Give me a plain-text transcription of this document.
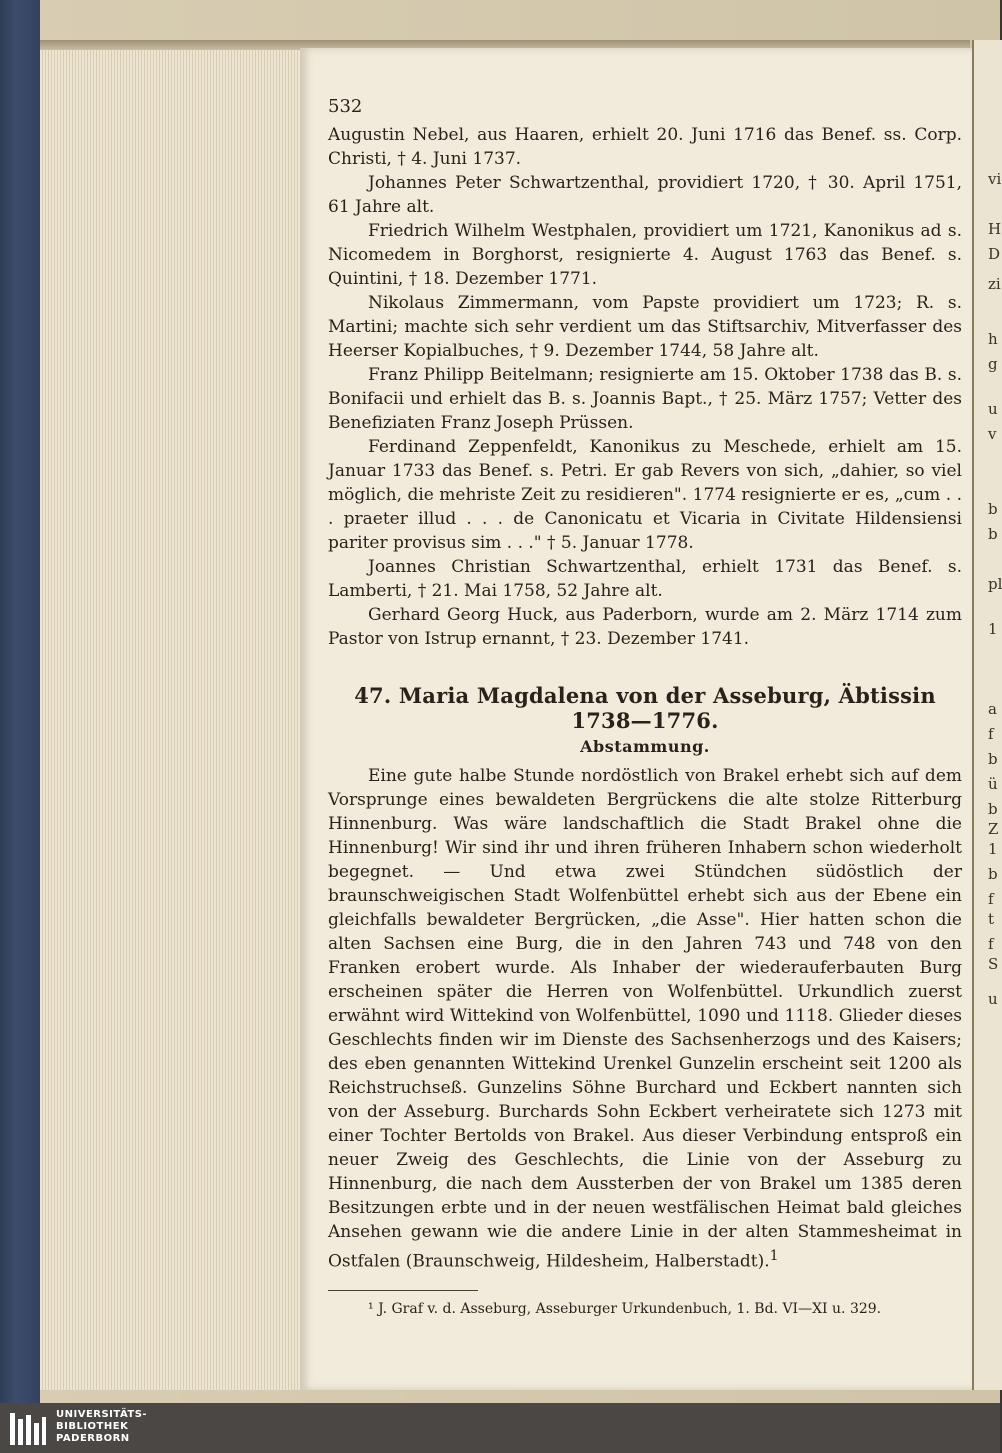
vi
H
D
zi
h
g
u
v
b
b
pl
1
a
f
b
ü
b
Z
1
b
f
t
f
S
u
532

Augustin Nebel, aus Haaren, erhielt 20. Juni 1716 das Benef. ss. Corp. Christi, † 4. Juni 1737.

Johannes Peter Schwartzenthal, providiert 1720, † 30. April 1751, 61 Jahre alt.

Friedrich Wilhelm Westphalen, providiert um 1721, Kanonikus ad s. Nicomedem in Borghorst, resignierte 4. August 1763 das Benef. s. Quintini, † 18. Dezember 1771.

Nikolaus Zimmermann, vom Papste providiert um 1723; R. s. Martini; machte sich sehr verdient um das Stiftsarchiv, Mitverfasser des Heerser Kopialbuches, † 9. Dezember 1744, 58 Jahre alt.

Franz Philipp Beitelmann; resignierte am 15. Oktober 1738 das B. s. Bonifacii und erhielt das B. s. Joannis Bapt., † 25. März 1757; Vetter des Benefiziaten Franz Joseph Prüssen.

Ferdinand Zeppenfeldt, Kanonikus zu Meschede, erhielt am 15. Januar 1733 das Benef. s. Petri. Er gab Revers von sich, „dahier, so viel möglich, die mehriste Zeit zu residieren". 1774 resignierte er es, „cum . . . praeter illud . . . de Canonicatu et Vicaria in Civitate Hildensiensi pariter provisus sim . . ." † 5. Januar 1778.

Joannes Christian Schwartzenthal, erhielt 1731 das Benef. s. Lamberti, † 21. Mai 1758, 52 Jahre alt.

Gerhard Georg Huck, aus Paderborn, wurde am 2. März 1714 zum Pastor von Istrup ernannt, † 23. Dezember 1741.

47. Maria Magdalena von der Asseburg, Äbtissin 1738—1776.
Abstammung.

Eine gute halbe Stunde nordöstlich von Brakel erhebt sich auf dem Vorsprunge eines bewaldeten Bergrückens die alte stolze Ritterburg Hinnenburg. Was wäre landschaftlich die Stadt Brakel ohne die Hinnenburg! Wir sind ihr und ihren früheren Inhabern schon wiederholt begegnet. — Und etwa zwei Stündchen südöstlich der braunschweigischen Stadt Wolfenbüttel erhebt sich aus der Ebene ein gleichfalls bewaldeter Bergrücken, „die Asse". Hier hatten schon die alten Sachsen eine Burg, die in den Jahren 743 und 748 von den Franken erobert wurde. Als Inhaber der wiederauferbauten Burg erscheinen später die Herren von Wolfenbüttel. Urkundlich zuerst erwähnt wird Wittekind von Wolfenbüttel, 1090 und 1118. Glieder dieses Geschlechts finden wir im Dienste des Sachsenherzogs und des Kaisers; des eben genannten Wittekind Urenkel Gunzelin erscheint seit 1200 als Reichstruchseß. Gunzelins Söhne Burchard und Eckbert nannten sich von der Asseburg. Burchards Sohn Eckbert verheiratete sich 1273 mit einer Tochter Bertolds von Brakel. Aus dieser Verbindung entsproß ein neuer Zweig des Geschlechts, die Linie von der Asseburg zu Hinnenburg, die nach dem Aussterben der von Brakel um 1385 deren Besitzungen erbte und in der neuen westfälischen Heimat bald gleiches Ansehen gewann wie die andere Linie in der alten Stammesheimat in Ostfalen (Braunschweig, Hildesheim, Halberstadt).$^1$

¹ J. Graf v. d. Asseburg, Asseburger Urkundenbuch, 1. Bd. VI—XI u. 329.

UNIVERSITÄTS-
BIBLIOTHEK
PADERBORN
